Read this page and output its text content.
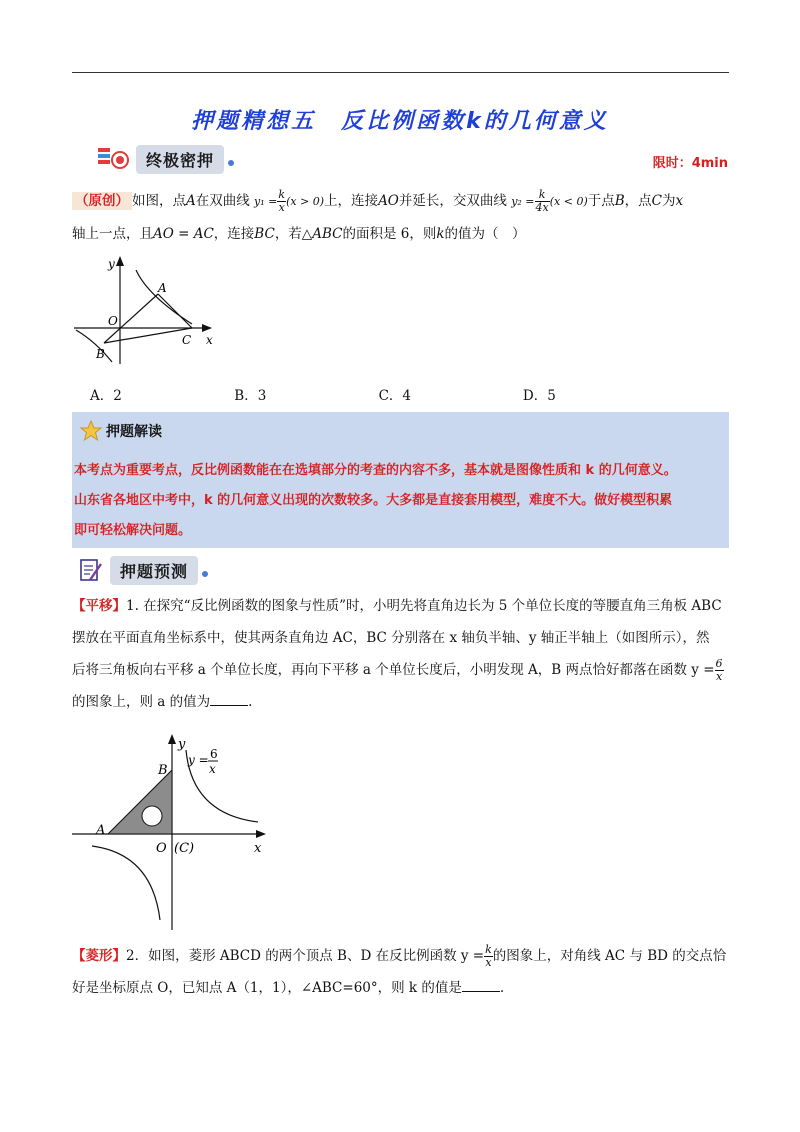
押题精想五　反比例函数k的几何意义
终极密押	限时：4min
（原创） 如图，点A在双曲线 $y_1 = \frac{k}{x} (x > 0)$上，连接AO并延长，交双曲线 $y_2 = \frac{k}{4x} (x < 0)$于点B，点C为x
轴上一点，且AO = AC，连接BC，若△ABC的面积是 6，则k的值为（　）
y
x
O
A
B
C
A．2	B．3	C．4	D．5
押题解读
本考点为重要考点，反比例函数能在在选填部分的考查的内容不多，基本就是图像性质和 k 的几何意义。
山东省各地区中考中，k 的几何意义出现的次数较多。大多都是直接套用模型，难度不大。做好模型积累
即可轻松解决问题。
押题预测
【平移】1. 在探究“反比例函数的图象与性质”时，小明先将直角边长为 5 个单位长度的等腰直角三角板 ABC
摆放在平面直角坐标系中，使其两条直角边 AC，BC 分别落在 x 轴负半轴、y 轴正半轴上（如图所示），然
后将三角板向右平移 a 个单位长度，再向下平移 a 个单位长度后，小明发现 A，B 两点恰好都落在函数 $y = \frac{6}{x}$

的图象上，则 a 的值为	.
y
x
O (C)
A
B
y = 6
x
【菱形】2．如图，菱形 ABCD 的两个顶点 B、D 在反比例函数 $y = \frac{k}{x}$ 的图象上，对角线 AC 与 BD 的交点恰
好是坐标原点 O，已知点 A（1，1），∠ABC=60°，则 k 的值是	.
